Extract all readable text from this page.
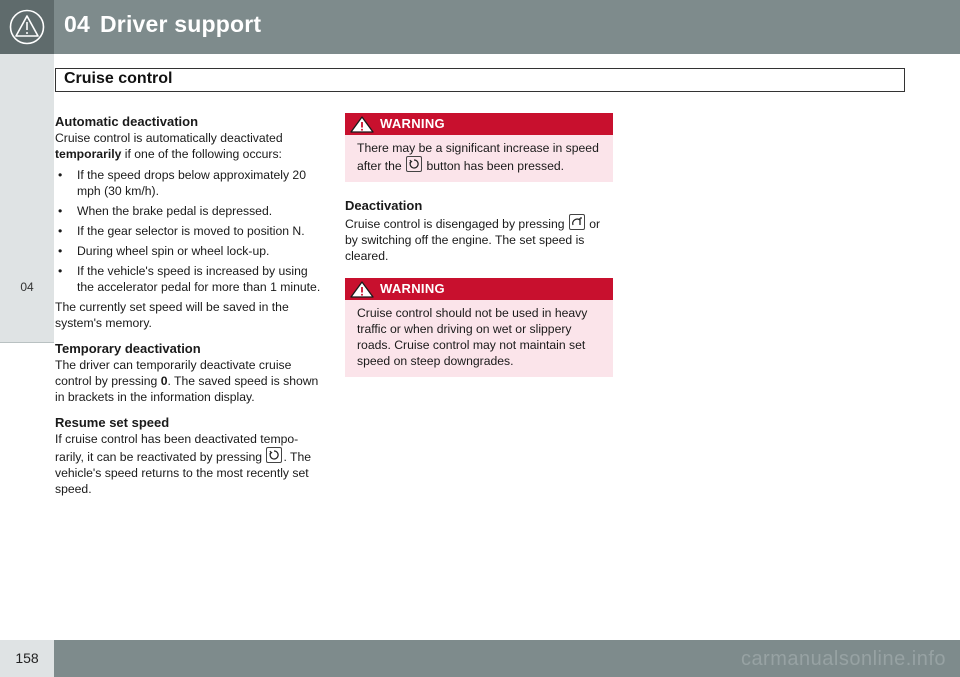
04 Driver support
04
Cruise control
Automatic deactivation

Cruise control is automatically deactivated temporarily if one of the following occurs:

• If the speed drops below approximately 20 mph (30 km/h).
• When the brake pedal is depressed.
• If the gear selector is moved to position N.
• During wheel spin or wheel lock-up.
• If the vehicle's speed is increased by using the accelerator pedal for more than 1 minute.

The currently set speed will be saved in the system's memory.

Temporary deactivation

The driver can temporarily deactivate cruise control by pressing 0. The saved speed is shown in brackets in the information display.

Resume set speed

If cruise control has been deactivated tempo-rarily, it can be reactivated by pressing
. The vehicle's speed returns to the most recently set speed.

WARNING
There may be a significant increase in speed after the
button has been pressed.
Deactivation

Cruise control is disengaged by pressing
or by switching off the engine. The set speed is cleared.

WARNING
Cruise control should not be used in heavy traffic or when driving on wet or slippery roads. Cruise control may not maintain set speed on steep downgrades.
158	carmanualsonline.info
